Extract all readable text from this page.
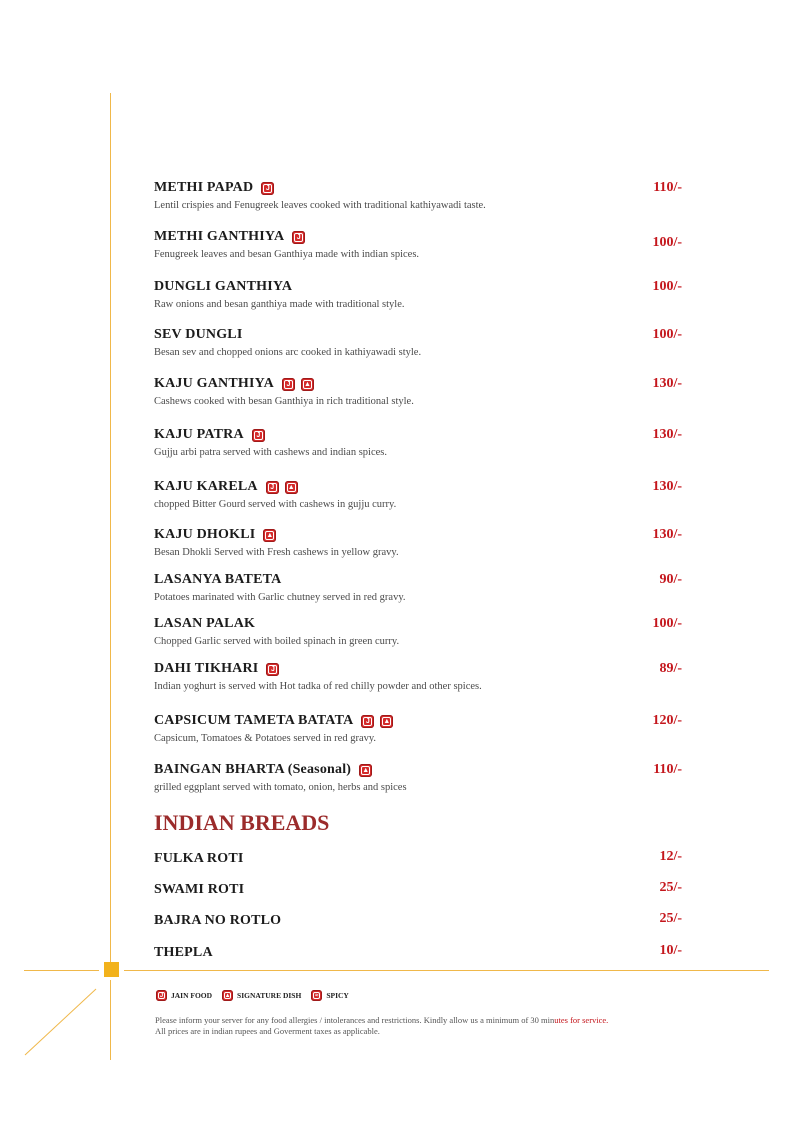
METHI PAPAD	J	110/-
Lentil crispies and Fenugreek leaves cooked with traditional kathiyawadi taste.
METHI GANTHIYA	J	100/-
Fenugreek leaves and besan Ganthiya made with indian spices.
DUNGLI GANTHIYA	100/-
Raw onions and besan ganthiya made with traditional style.
SEV DUNGLI	100/-
Besan sev and chopped onions arc cooked in kathiyawadi style.
KAJU GANTHIYA	J	▲	130/-
Cashews cooked with besan Ganthiya in rich traditional style.
KAJU PATRA	J	130/-
Gujju arbi patra served with cashews and indian spices.
KAJU KARELA	J	▲	130/-
chopped Bitter Gourd served with cashews in gujju curry.
KAJU DHOKLI ▲	130/-
Besan Dhokli Served with Fresh cashews in yellow gravy.
LASANYA BATETA	90/-
Potatoes marinated with Garlic chutney served in red gravy.
LASAN PALAK	100/-
Chopped Garlic served with boiled spinach in green curry.
DAHI TIKHARI	J	89/-
Indian yoghurt is served with Hot tadka of red chilly powder and other spices.
CAPSICUM TAMETA BATATA	J	▲	120/-
Capsicum, Tomatoes & Potatoes served in red gravy.
BAINGAN BHARTA (Seasonal) ▲	110/-
grilled eggplant served with tomato, onion, herbs and spices
INDIAN BREADS
FULKA ROTI	12/-
SWAMI ROTI	25/-
BAJRA NO ROTLO	25/-
THEPLA	10/-
J JAIN FOOD ▲ SIGNATURE DISH	≈ SPICY
Please inform your server for any food allergies / intolerances and restrictions. Kindly allow us a minimum of 30 minutes for service.
All prices are in indian rupees and Goverment taxes as applicable.
